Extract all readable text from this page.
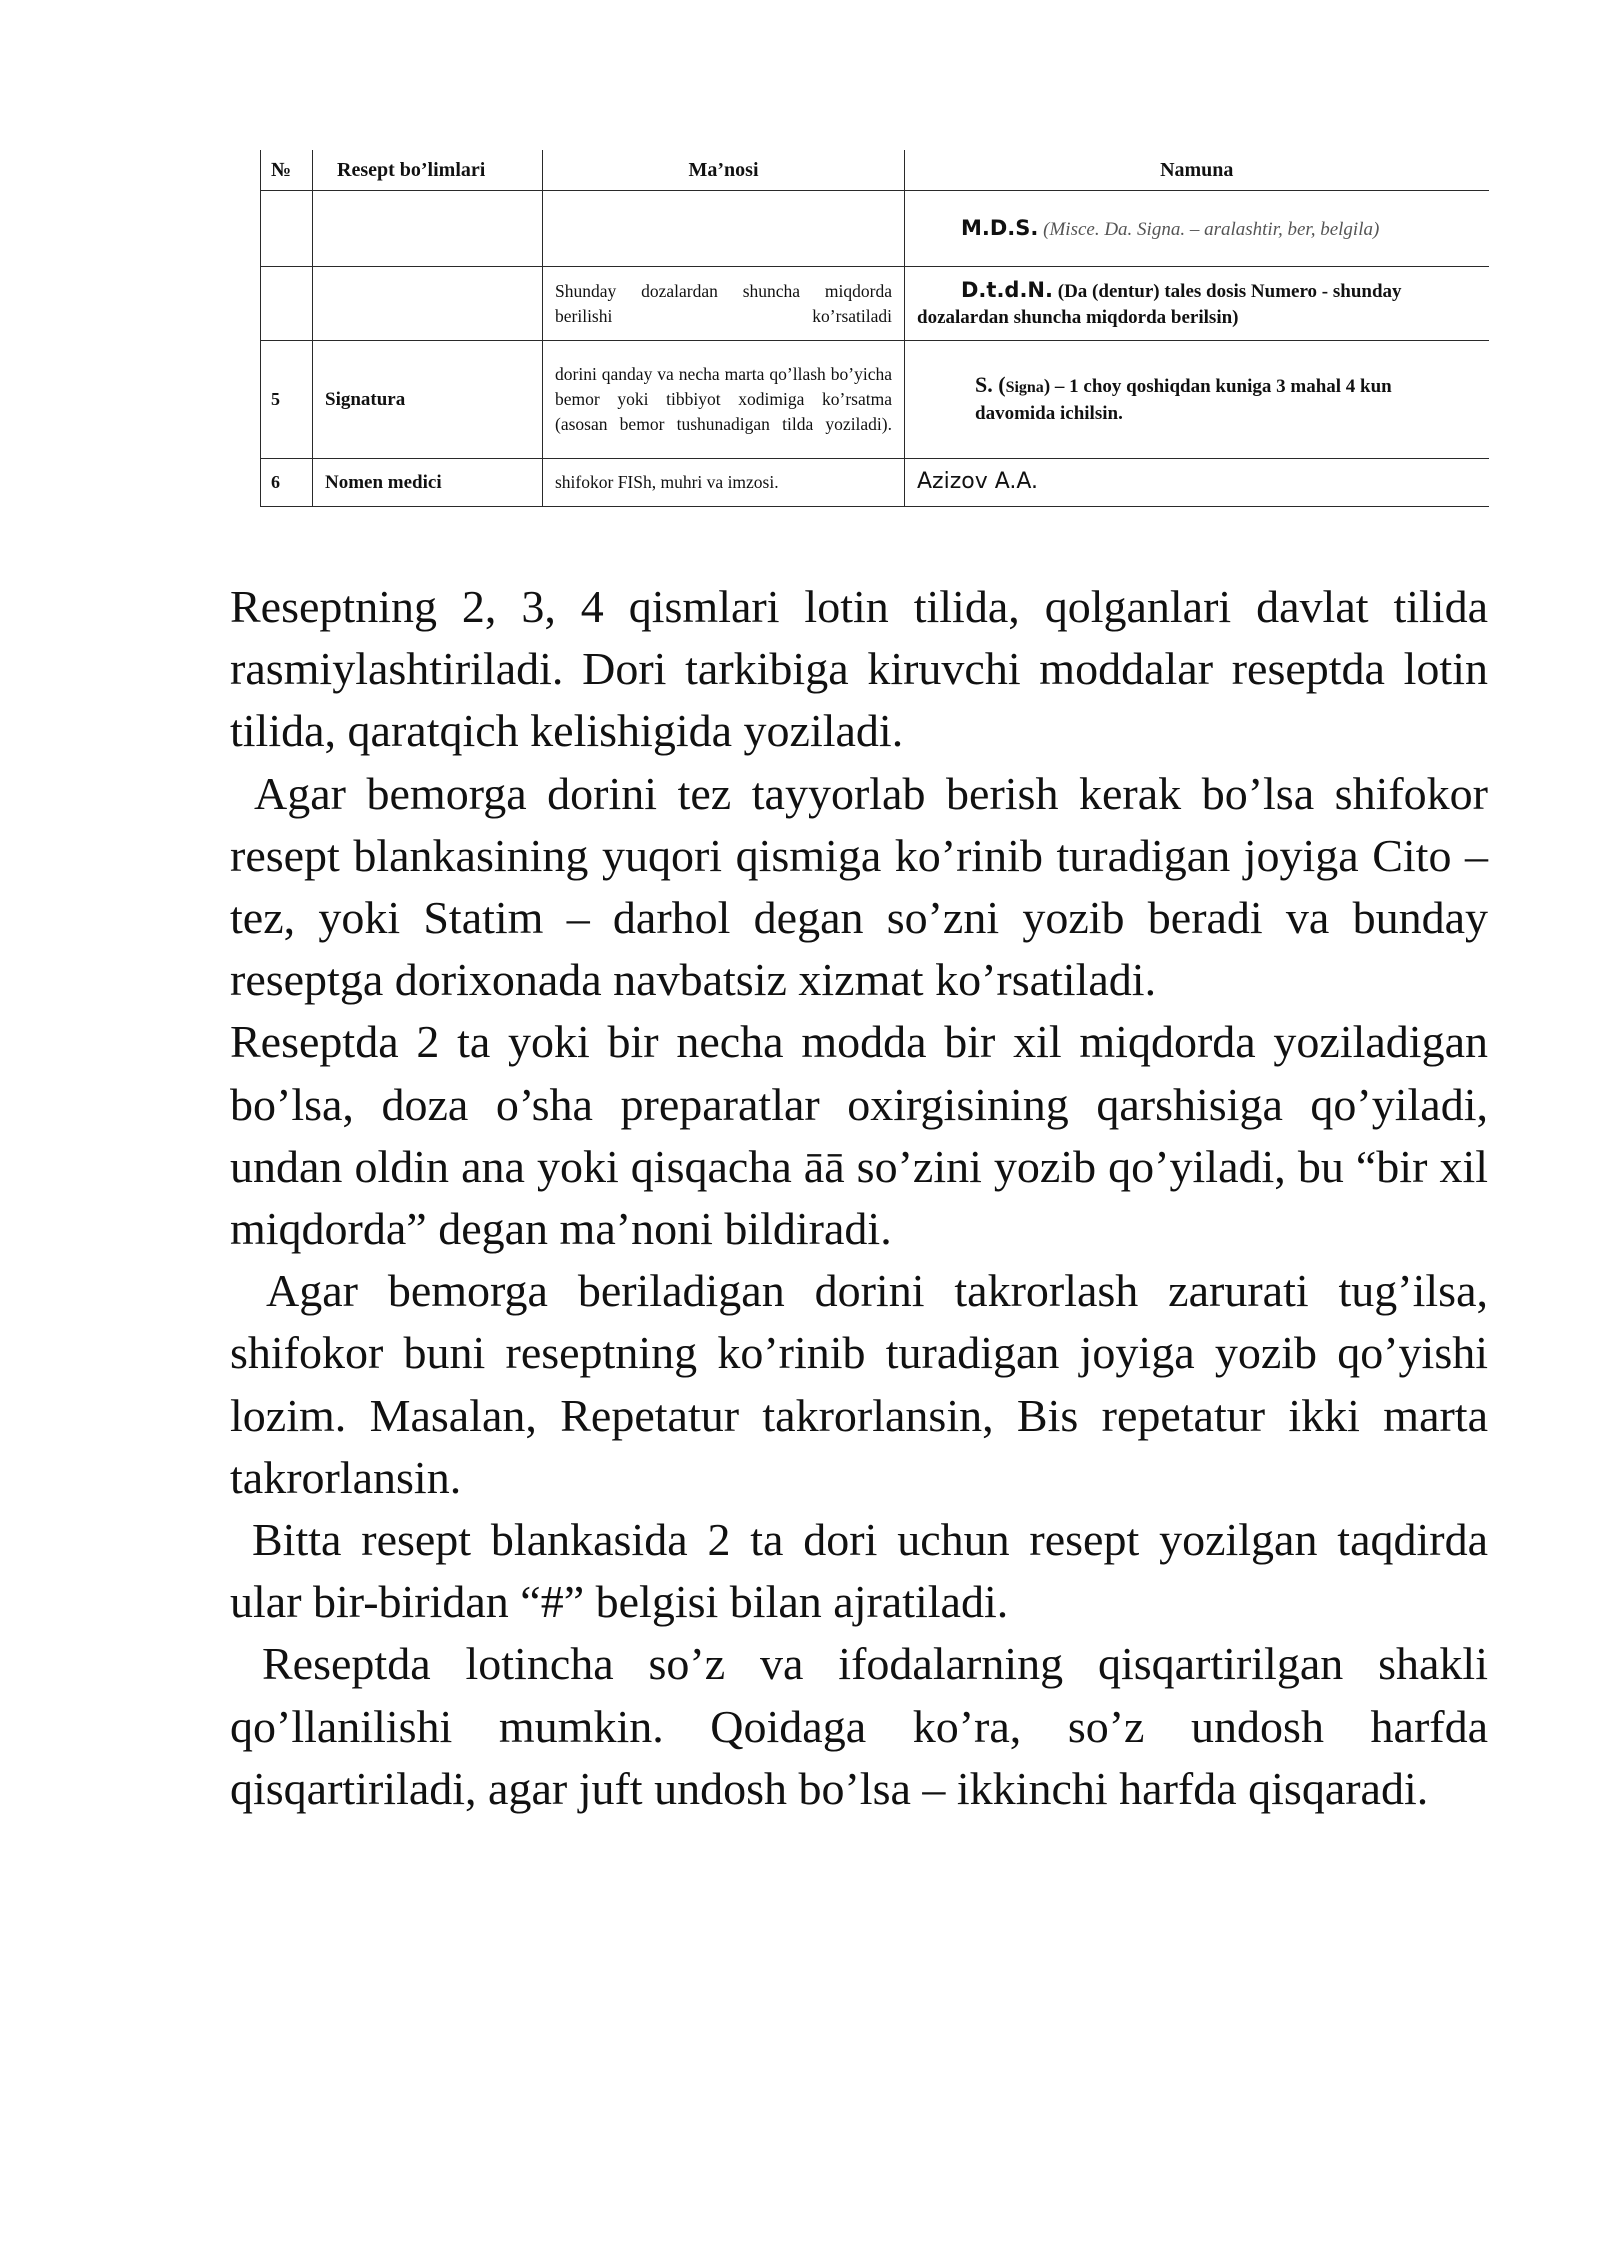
№	Resept bo’limlari	Ma’nosi	Namuna
			M.D.S. (Misce. Da. Signa. – aralashtir, ber, belgila)
		Shunday dozalardan shuncha miqdorda berilishi ko’rsatiladi	D.t.d.N. (Da (dentur) tales dosis Numero - shunday dozalardan shuncha miqdorda berilsin)
5	Signatura	dorini qanday va necha marta qo’llash bo’yicha bemor yoki tibbiyot xodimiga ko’rsatma (asosan bemor tushunadigan tilda yoziladi).	S. (Signa) – 1 choy qoshiqdan kuniga 3 mahal 4 kun davomida ichilsin.
6	Nomen medici	shifokor FISh, muhri va imzosi.	Azizov A.A.

Reseptning 2, 3, 4 qismlari lotin tilida, qolganlari davlat tilida rasmiylashtiriladi. Dori tarkibiga kiruvchi moddalar reseptda lotin tilida, qaratqich kelishigida yoziladi.

Agar bemorga dorini tez tayyorlab berish kerak bo’lsa shifokor resept blankasining yuqori qismiga ko’rinib turadigan joyiga Cito – tez, yoki Statim – darhol degan so’zni yozib beradi va bunday reseptga dorixonada navbatsiz xizmat ko’rsatiladi.

Reseptda 2 ta yoki bir necha modda bir xil miqdorda yoziladigan bo’lsa, doza o’sha preparatlar oxirgisining qarshisiga qo’yiladi, undan oldin ana yoki qisqacha āā so’zini yozib qo’yiladi, bu “bir xil miqdorda” degan ma’noni bildiradi.

Agar bemorga beriladigan dorini takrorlash zarurati tug’ilsa, shifokor buni reseptning ko’rinib turadigan joyiga yozib qo’yishi lozim. Masalan, Repetatur takrorlansin, Bis repetatur ikki marta takrorlansin.

Bitta resept blankasida 2 ta dori uchun resept yozilgan taqdirda ular bir-biridan “#” belgisi bilan ajratiladi.

Reseptda lotincha so’z va ifodalarning qisqartirilgan shakli qo’llanilishi mumkin. Qoidaga ko’ra, so’z undosh harfda qisqartiriladi, agar juft undosh bo’lsa – ikkinchi harfda qisqaradi.
